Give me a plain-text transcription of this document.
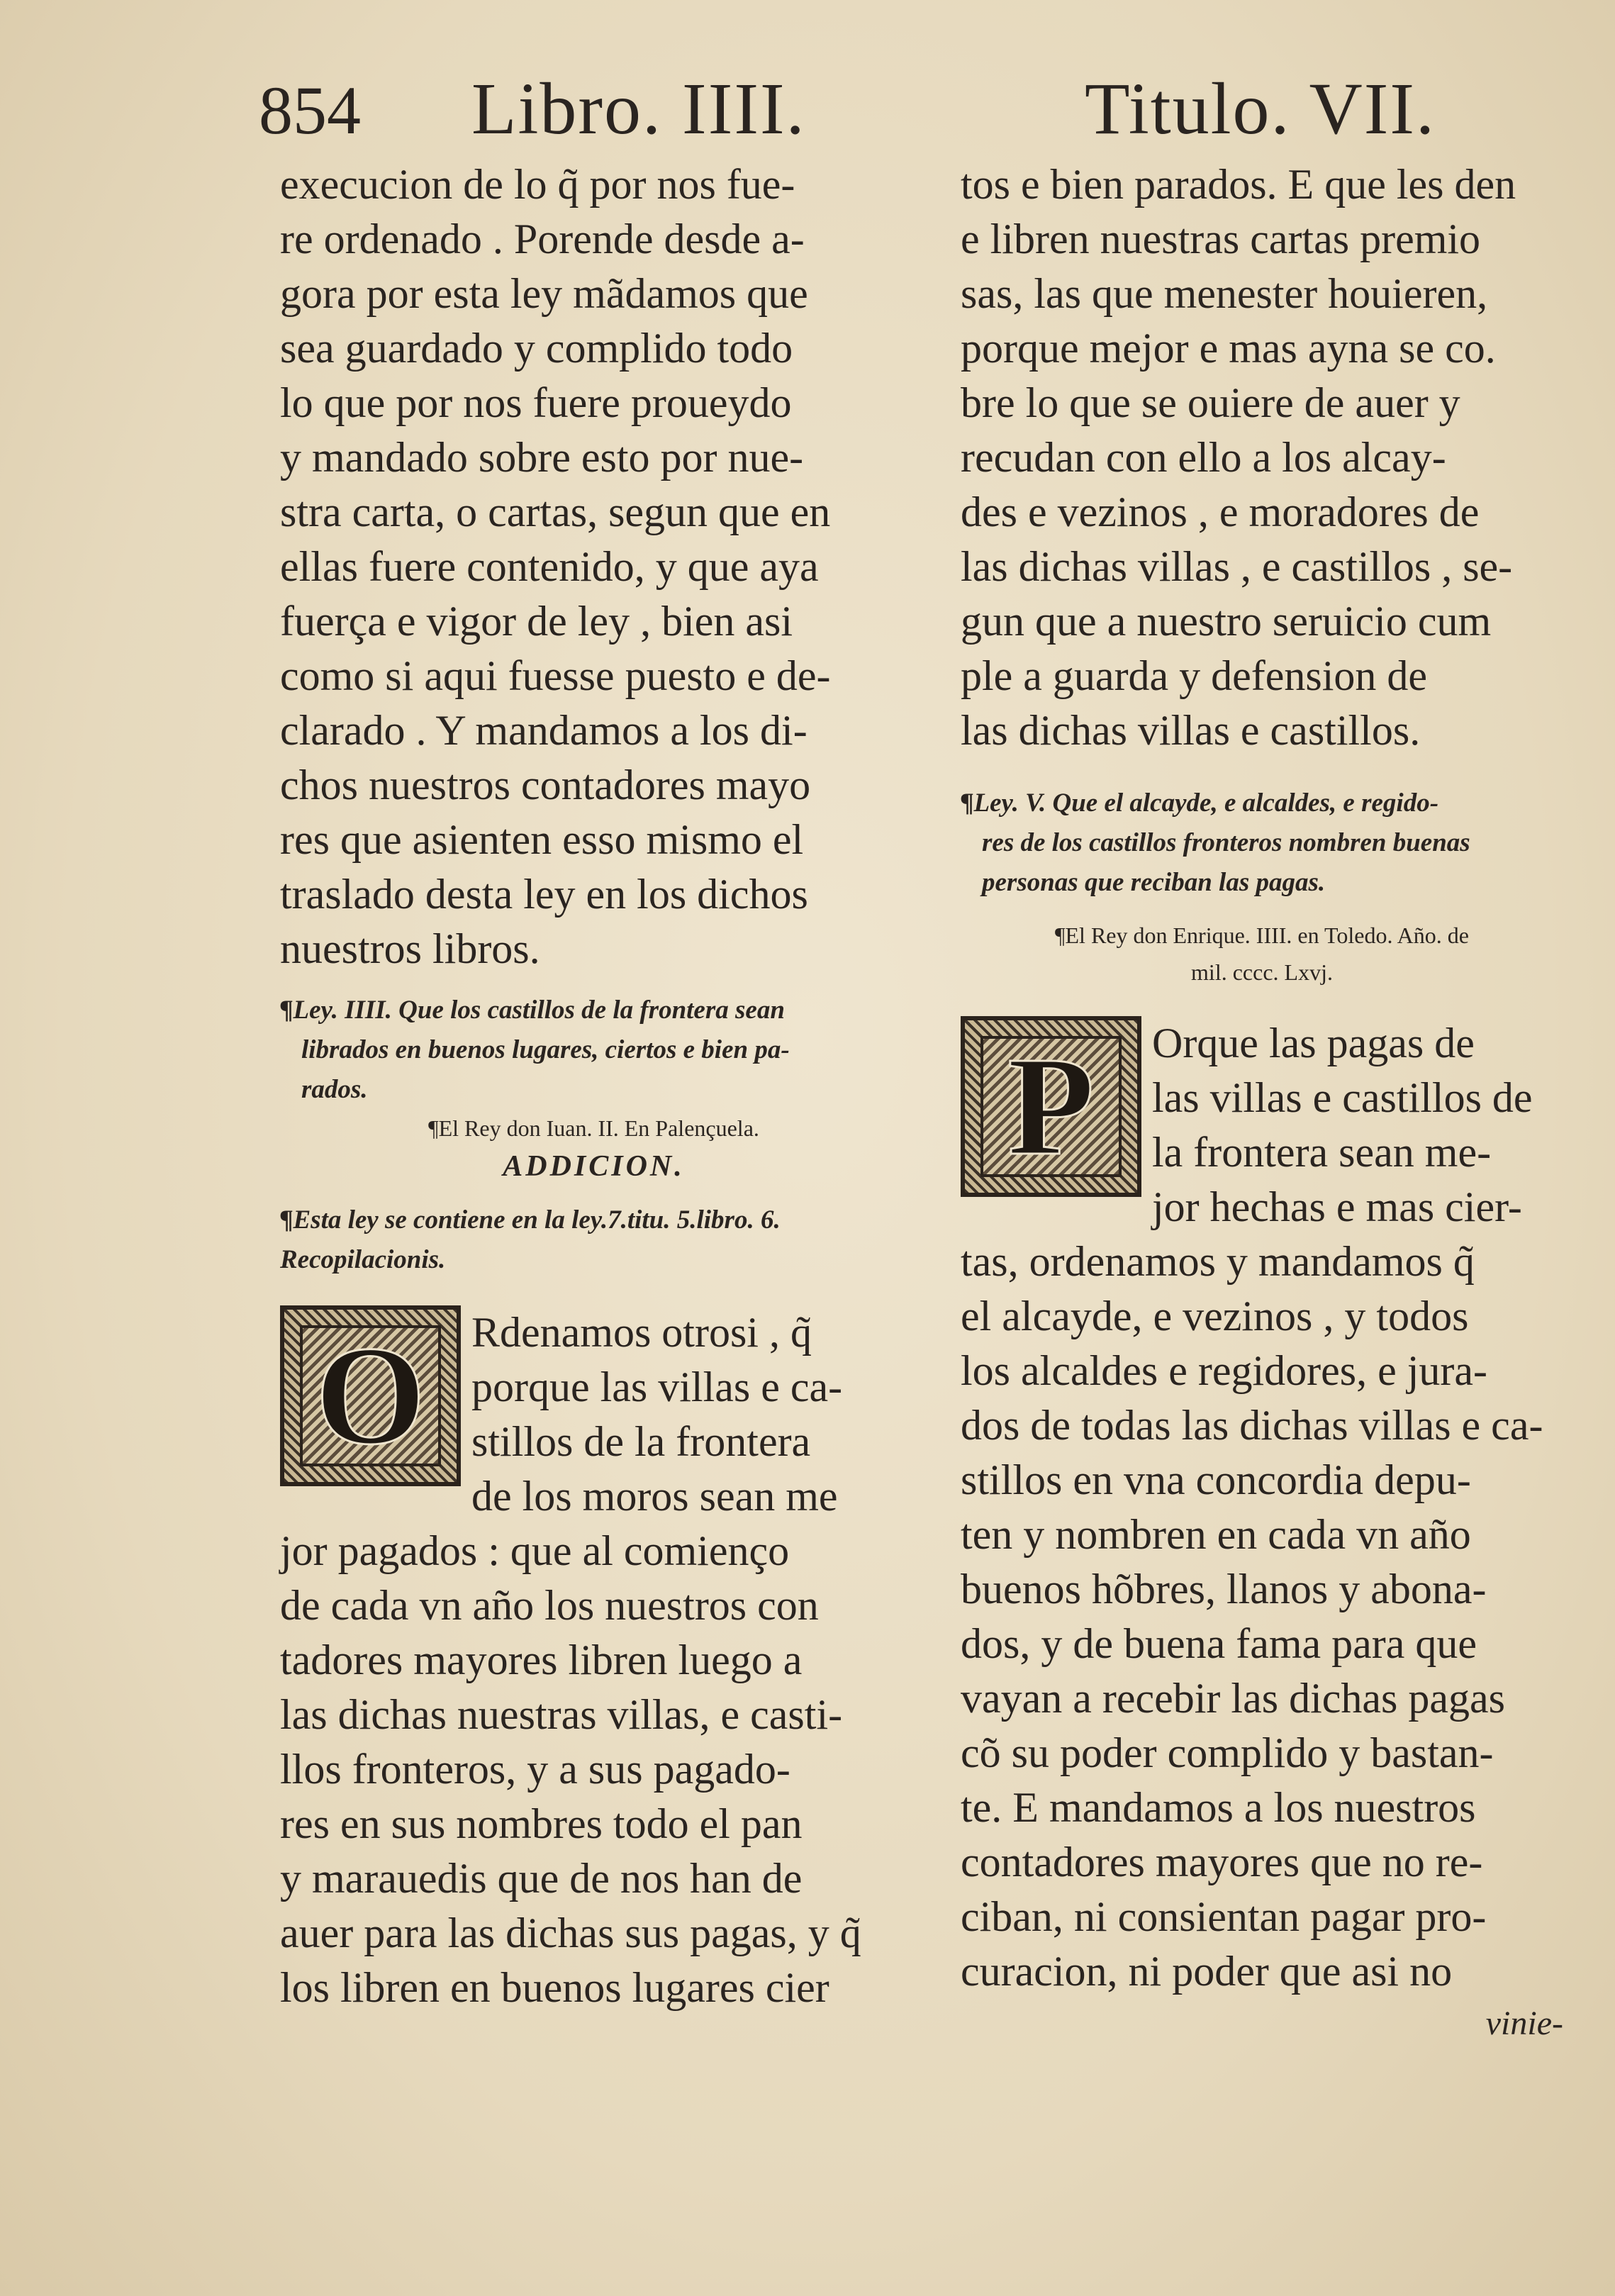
854 Libro. IIII.	Titulo. VII.
execucion de lo q̃ por nos fue-
re ordenado . Porende desde a-
gora por esta ley mãdamos que
sea guardado y complido todo
lo que por nos fuere proueydo
y mandado sobre esto por nue-
stra carta, o cartas, segun que en
ellas fuere contenido, y que aya
fuerça e vigor de ley , bien asi
como si aqui fuesse puesto e de-
clarado . Y mandamos a los di-
chos nuestros contadores mayo
res que asienten esso mismo el
traslado desta ley en los dichos
nuestros libros.
¶Ley. IIII. Que los castillos de la frontera sean
librados en buenos lugares, ciertos e bien pa-
rados.
¶El Rey don Iuan. II. En Palençuela.
ADDICION.
¶Esta ley se contiene en la ley.7.titu. 5.libro. 6.
Recopilacionis.
O	Rdenamos otrosi , q̃
porque las villas e ca-
stillos de la frontera
de los moros sean me
jor pagados : que al comienço
de cada vn año los nuestros con
tadores mayores libren luego a
las dichas nuestras villas, e casti-
llos fronteros, y a sus pagado-
res en sus nombres todo el pan
y marauedis que de nos han de
auer para las dichas sus pagas, y q̃
los libren en buenos lugares cier
tos e bien parados. E que les den
e libren nuestras cartas premio
sas, las que menester houieren,
porque mejor e mas ayna se co.
bre lo que se ouiere de auer y
recudan con ello a los alcay-
des e vezinos , e moradores de
las dichas villas , e castillos , se-
gun que a nuestro seruicio cum
ple a guarda y defension de
las dichas villas e castillos.
¶Ley. V. Que el alcayde, e alcaldes, e regido-
res de los castillos fronteros nombren buenas
personas que reciban las pagas.
¶El Rey don Enrique. IIII. en Toledo. Año. de
mil. cccc. Lxvj.
P	Orque las pagas de
las villas e castillos de
la frontera sean me-
jor hechas e mas cier-
tas, ordenamos y mandamos q̃
el alcayde, e vezinos , y todos
los alcaldes e regidores, e jura-
dos de todas las dichas villas e ca-
stillos en vna concordia depu-
ten y nombren en cada vn año
buenos hõbres, llanos y abona-
dos, y de buena fama para que
vayan a recebir las dichas pagas
cõ su poder complido y bastan-
te. E mandamos a los nuestros
contadores mayores que no re-
ciban, ni consientan pagar pro-
curacion, ni poder que asi no
vinie-
